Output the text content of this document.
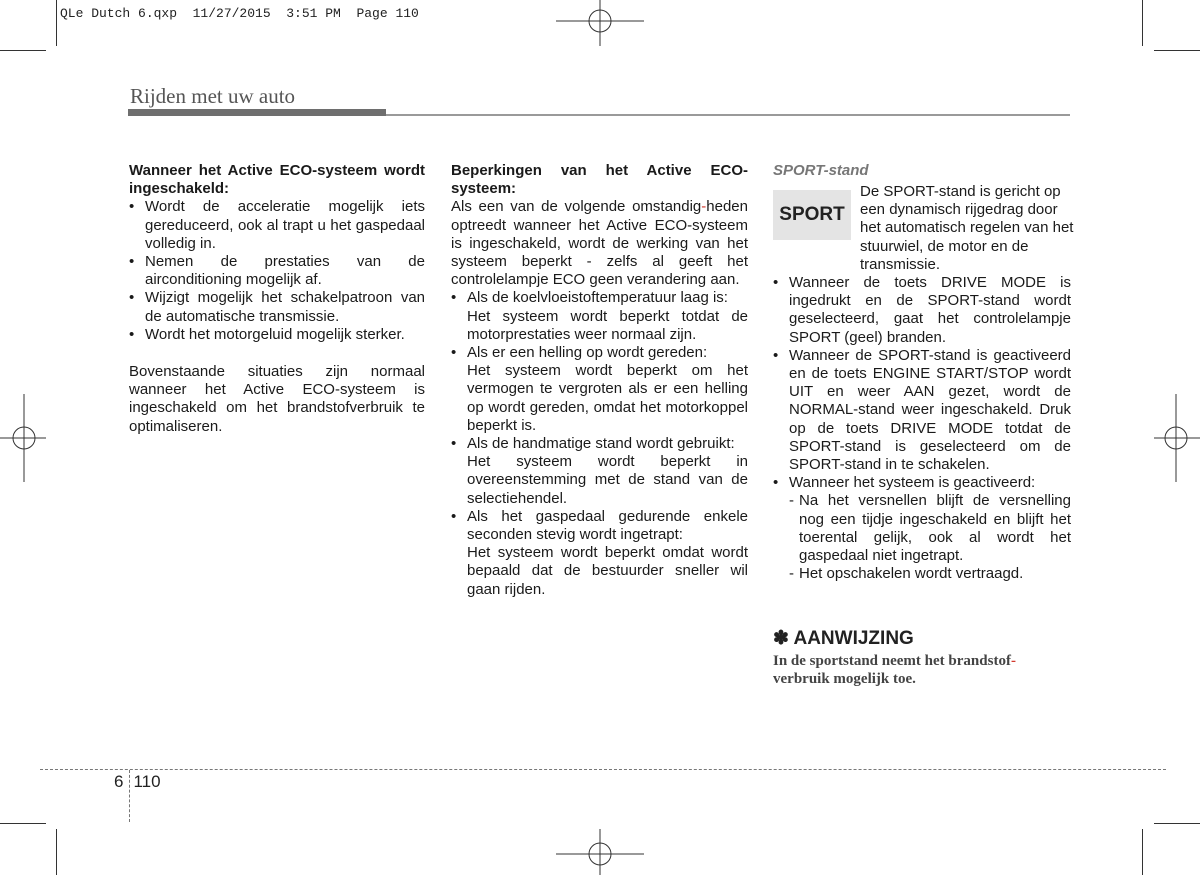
QLe Dutch 6.qxp  11/27/2015  3:51 PM  Page 110
Rijden met uw auto
Wanneer het Active ECO-systeem wordt ingeschakeld:
• Wordt de acceleratie mogelijk iets gereduceerd, ook al trapt u het gaspedaal volledig in.
• Nemen de prestaties van de airconditioning mogelijk af.
• Wijzigt mogelijk het schakelpatroon van de automatische transmissie.
• Wordt het motorgeluid mogelijk sterker.

Bovenstaande situaties zijn normaal wanneer het Active ECO-systeem is ingeschakeld om het brandstofverbruik te optimaliseren.

Beperkingen van het Active ECO-systeem:

Als een van de volgende omstandig-heden optreedt wanneer het Active ECO-systeem is ingeschakeld, wordt de werking van het systeem beperkt - zelfs al geeft het controlelampje ECO geen verandering aan.

• Als de koelvloeistoftemperatuur laag is:
Het systeem wordt beperkt totdat de motorprestaties weer normaal zijn.
• Als er een helling op wordt gereden:
Het systeem wordt beperkt om het vermogen te vergroten als er een helling op wordt gereden, omdat het motorkoppel beperkt is.
• Als de handmatige stand wordt gebruikt:
Het systeem wordt beperkt in overeenstemming met de stand van de selectiehendel.
• Als het gaspedaal gedurende enkele seconden stevig wordt ingetrapt:
Het systeem wordt beperkt omdat wordt bepaald dat de bestuurder sneller wil gaan rijden.
SPORT-stand
SPORT
De SPORT-stand is gericht op een dynamisch rijgedrag door het automatisch regelen van het stuurwiel, de motor en de transmissie.
• Wanneer de toets DRIVE MODE is ingedrukt en de SPORT-stand wordt geselecteerd, gaat het controlelampje SPORT (geel) branden.
• Wanneer de SPORT-stand is geactiveerd en de toets ENGINE START/STOP wordt UIT en weer AAN gezet, wordt de NORMAL-stand weer ingeschakeld. Druk op de toets DRIVE MODE totdat de SPORT-stand is geselecteerd om de SPORT-stand in te schakelen.
• Wanneer het systeem is geactiveerd:
- Na het versnellen blijft de versnelling nog een tijdje ingeschakeld en blijft het toerental gelijk, ook al wordt het gaspedaal niet ingetrapt.
- Het opschakelen wordt vertraagd.
✽ AANWIJZING
In de sportstand neemt het brandstof-
verbruik mogelijk toe.
6 110
